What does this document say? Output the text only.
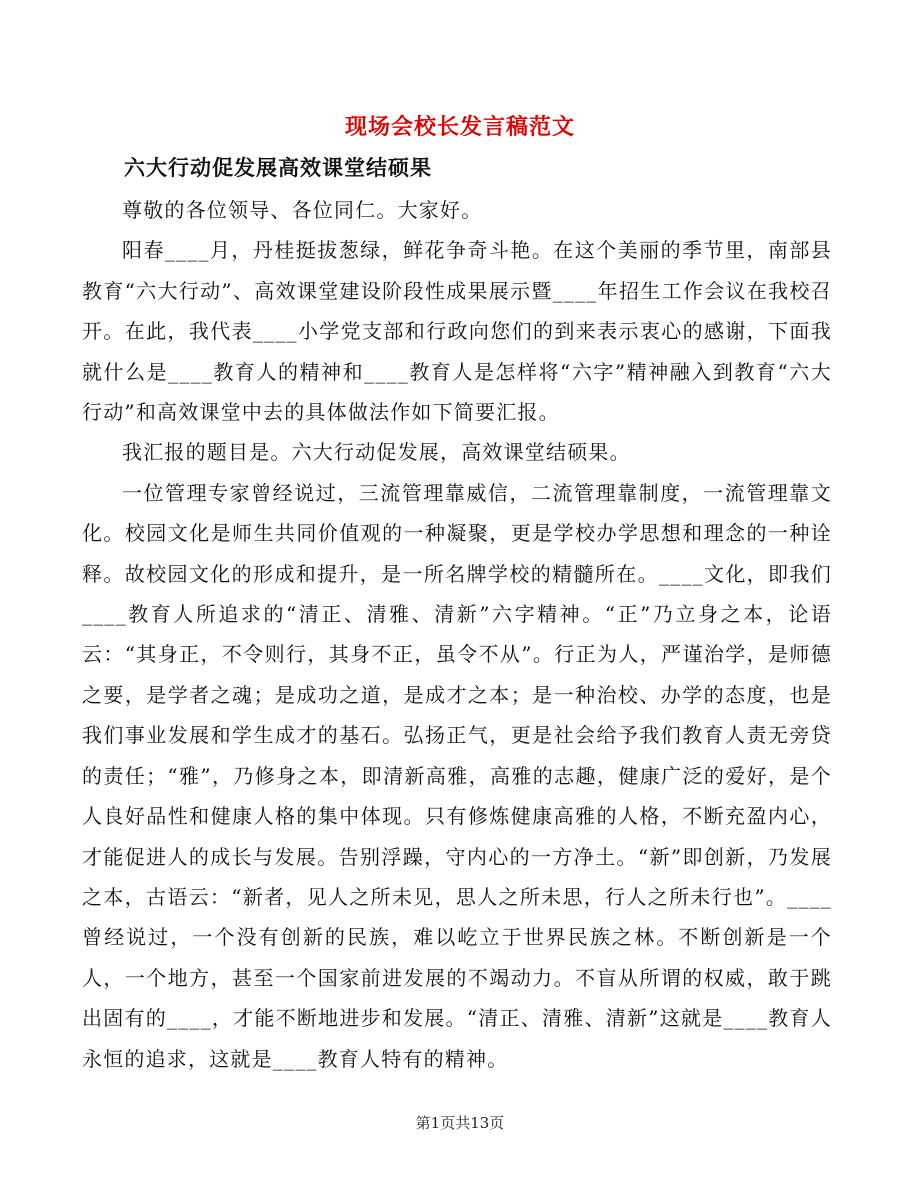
现场会校长发言稿范文
六大行动促发展高效课堂结硕果

尊敬的各位领导、各位同仁。大家好。

阳春____月，丹桂挺拔葱绿，鲜花争奇斗艳。在这个美丽的季节里，南部县教育“六大行动”、高效课堂建设阶段性成果展示暨____年招生工作会议在我校召开。在此，我代表____小学党支部和行政向您们的到来表示衷心的感谢，下面我就什么是____教育人的精神和____教育人是怎样将“六字”精神融入到教育“六大行动”和高效课堂中去的具体做法作如下简要汇报。

我汇报的题目是。六大行动促发展，高效课堂结硕果。

一位管理专家曾经说过，三流管理靠威信，二流管理靠制度，一流管理靠文化。校园文化是师生共同价值观的一种凝聚，更是学校办学思想和理念的一种诠释。故校园文化的形成和提升，是一所名牌学校的精髓所在。____文化，即我们____教育人所追求的“清正、清雅、清新”六字精神。“正”乃立身之本，论语云：“其身正，不令则行，其身不正，虽令不从”。行正为人，严谨治学，是师德之要，是学者之魂；是成功之道，是成才之本；是一种治校、办学的态度，也是我们事业发展和学生成才的基石。弘扬正气，更是社会给予我们教育人责无旁贷的责任；“雅”，乃修身之本，即清新高雅，高雅的志趣，健康广泛的爱好，是个人良好品性和健康人格的集中体现。只有修炼健康高雅的人格，不断充盈内心，才能促进人的成长与发展。告别浮躁，守内心的一方净土。“新”即创新，乃发展之本，古语云：“新者，见人之所未见，思人之所未思，行人之所未行也”。____曾经说过，一个没有创新的民族，难以屹立于世界民族之林。不断创新是一个人，一个地方，甚至一个国家前进发展的不竭动力。不盲从所谓的权威，敢于跳出固有的____，才能不断地进步和发展。“清正、清雅、清新”这就是____教育人永恒的追求，这就是____教育人特有的精神。

第1页共13页
